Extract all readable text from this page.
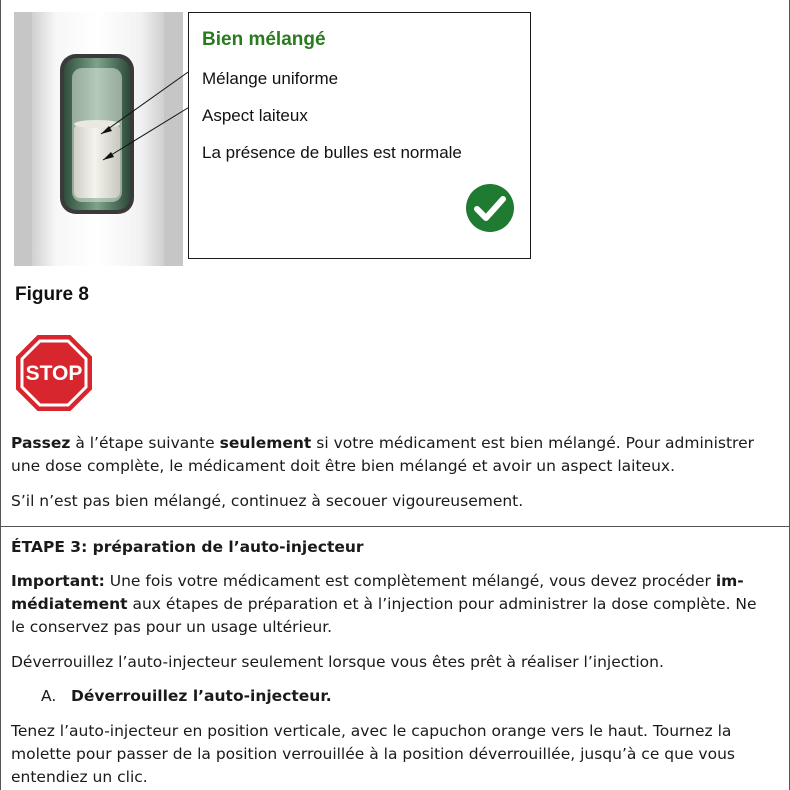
Bien mélangé
Mélange uniforme
Aspect laiteux
La présence de bulles est normale
Figure 8
STOP
Passez à l’étape suivante seulement si votre médicament est bien mélangé. Pour administrer une dose complète, le médicament doit être bien mélangé et avoir un aspect laiteux.
S’il n’est pas bien mélangé, continuez à secouer vigoureusement.
ÉTAPE 3: préparation de l’auto-injecteur
Important: Une fois votre médicament est complètement mélangé, vous devez procéder im-médiatement aux étapes de préparation et à l’injection pour administrer la dose complète. Ne le conservez pas pour un usage ultérieur.
Déverrouillez l’auto-injecteur seulement lorsque vous êtes prêt à réaliser l’injection.
A. Déverrouillez l’auto-injecteur.
Tenez l’auto-injecteur en position verticale, avec le capuchon orange vers le haut. Tournez la molette pour passer de la position verrouillée à la position déverrouillée, jusqu’à ce que vous entendiez un clic.
